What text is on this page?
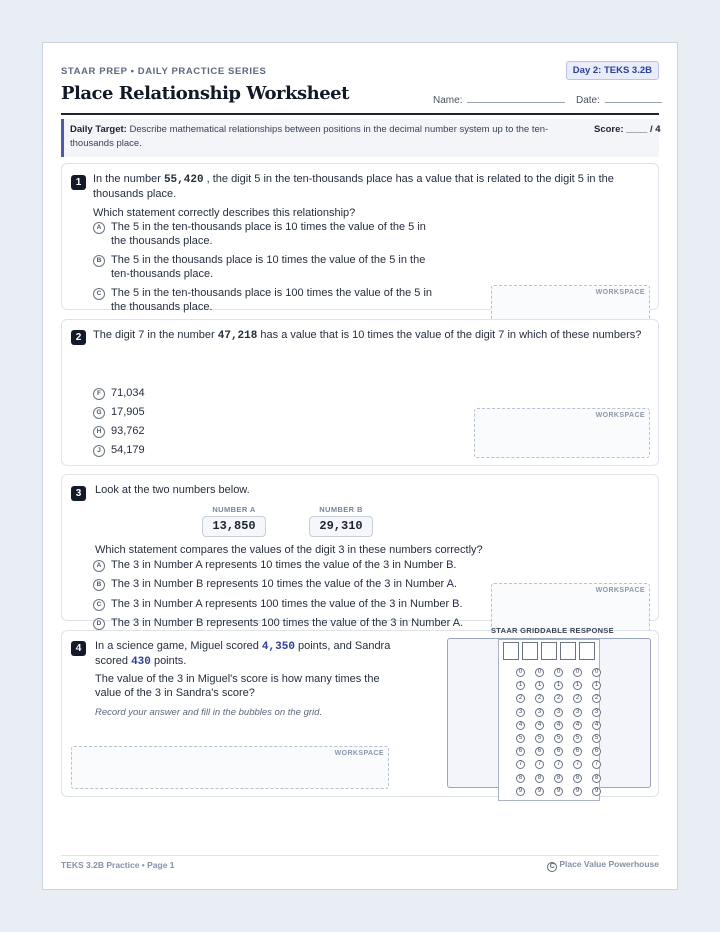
STAAR PREP • DAILY PRACTICE SERIES	Day 2: TEKS 3.2B
Place Relationship Worksheet	Name:	Date:
Daily Target: Describe mathematical relationships between positions in the decimal number system up to the ten-thousands place.
Score: ____ / 4
1	In the number 55,420 , the digit 5 in the ten-thousands place has a value that is related to the digit 5 in the thousands place.
Which statement correctly describes this relationship?
A The 5 in the ten-thousands place is 10 times the value of the 5 in the thousands place.
B The 5 in the thousands place is 10 times the value of the 5 in the ten-thousands place.
C The 5 in the ten-thousands place is 100 times the value of the 5 in the thousands place.
WORKSPACE
2	The digit 7 in the number 47,218 has a value that is 10 times the value of the digit 7 in which of these numbers?
F 71,034
G 17,905
H 93,762
J 54,179
WORKSPACE
3	Look at the two numbers below.
NUMBER A
13,850
NUMBER B
29,310
Which statement compares the values of the digit 3 in these numbers correctly?
A The 3 in Number A represents 10 times the value of the 3 in Number B.
B The 3 in Number B represents 10 times the value of the 3 in Number A.
C The 3 in Number A represents 100 times the value of the 3 in Number B.
D The 3 in Number B represents 100 times the value of the 3 in Number A.
WORKSPACE
4	In a science game, Miguel scored 4,350 points, and Sandra scored 430 points.
The value of the 3 in Miguel's score is how many times the value of the 3 in Sandra's score?
Record your answer and fill in the bubbles on the grid.
WORKSPACE
STAAR GRIDDABLE RESPONSE
0
1
2
3
4
5
6
7
8
9
0
1
2
3
4
5
6
7
8
9
0
1
2
3
4
5
6
7
8
9
0
1
2
3
4
5
6
7
8
9
0
1
2
3
4
5
6
7
8
9
TEKS 3.2B Practice • Page 1	C Place Value Powerhouse
